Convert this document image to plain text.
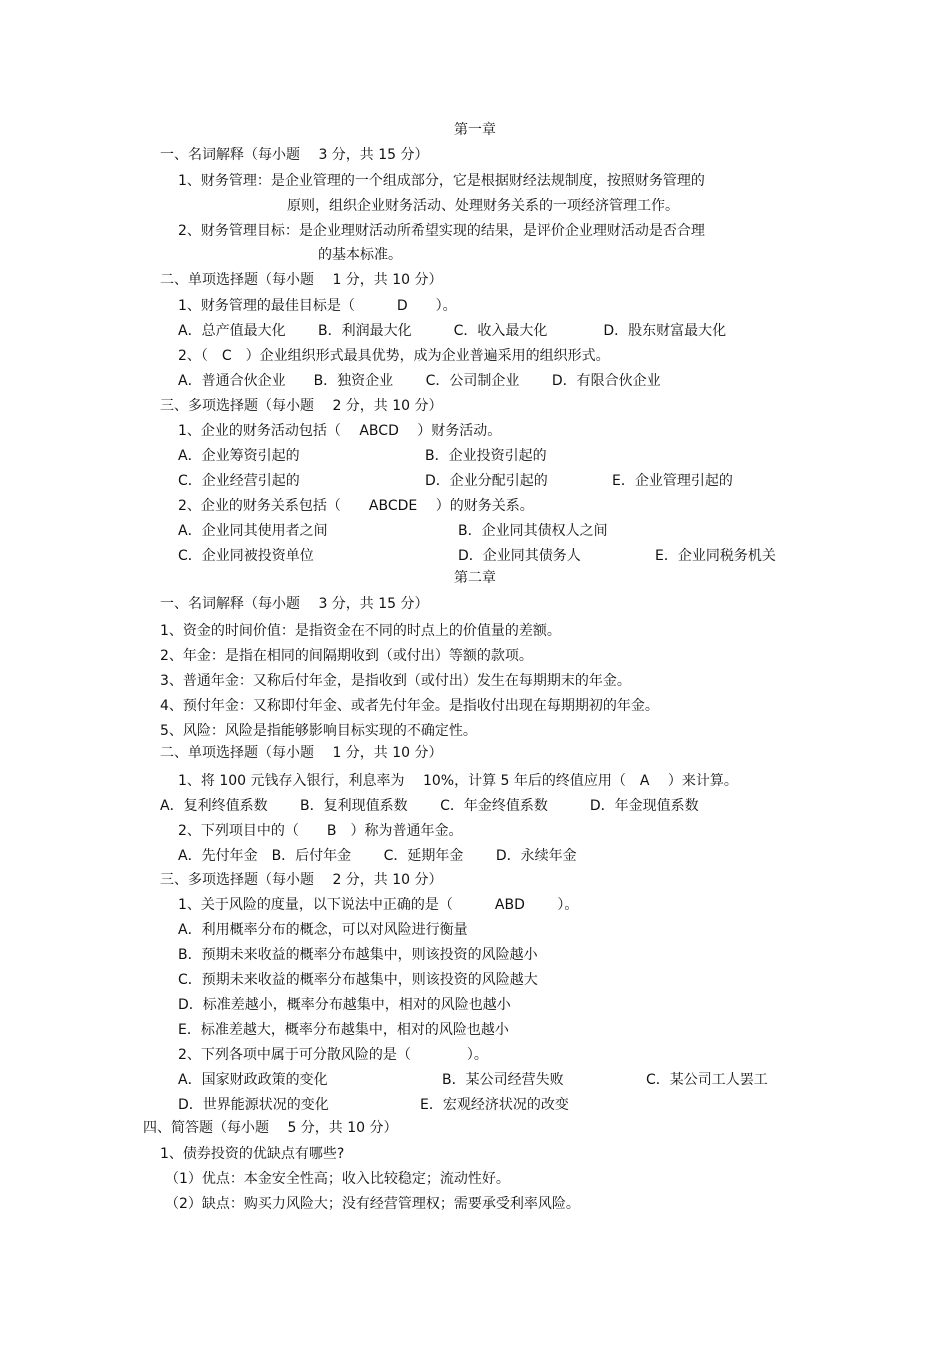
第一章
一、名词解释（每小题　 3 分，共 15 分）
1、财务管理：是企业管理的一个组成部分，它是根据财经法规制度，按照财务管理的
原则，组织企业财务活动、处理财务关系的一项经济管理工作。
2、财务管理目标：是企业理财活动所希望实现的结果，是评价企业理财活动是否合理
的基本标准。
二、单项选择题（每小题　 1 分，共 10 分）
1、财务管理的最佳目标是（　　　D　　）。
A．总产值最大化　　 B．利润最大化　　　C．收入最大化　　　　D．股东财富最大化
2、（　C　）企业组织形式最具优势，成为企业普遍采用的组织形式。
A．普通合伙企业　　B．独资企业　　 C．公司制企业　　 D．有限合伙企业
三、多项选择题（每小题　 2 分，共 10 分）
1、企业的财务活动包括（　 ABCD　 ）财务活动。
A．企业筹资引起的	B．企业投资引起的
C．企业经营引起的	D．企业分配引起的	E．企业管理引起的
2、企业的财务关系包括（　　ABCDE　 ）的财务关系。
A．企业同其使用者之间	B．企业同其债权人之间
C．企业同被投资单位	D．企业同其债务人	E．企业同税务机关
第二章
一、名词解释（每小题　 3 分，共 15 分）
1、资金的时间价值：是指资金在不同的时点上的价值量的差额。
2、年金：是指在相同的间隔期收到（或付出）等额的款项。
3、普通年金：又称后付年金，是指收到（或付出）发生在每期期末的年金。
4、预付年金：又称即付年金、或者先付年金。是指收付出现在每期期初的年金。
5、风险：风险是指能够影响目标实现的不确定性。
二、单项选择题（每小题　 1 分，共 10 分）
1、将 100 元钱存入银行，利息率为　 10%，计算 5 年后的终值应用（　A　 ）来计算。
A．复利终值系数　　 B．复利现值系数　　 C．年金终值系数　　　D．年金现值系数
2、下列项目中的（　　B　）称为普通年金。
A．先付年金　B．后付年金　　 C．延期年金　　 D．永续年金
三、多项选择题（每小题　 2 分，共 10 分）
1、关于风险的度量，以下说法中正确的是（　　　ABD　　 ）。
A．利用概率分布的概念，可以对风险进行衡量
B．预期未来收益的概率分布越集中，则该投资的风险越小
C．预期未来收益的概率分布越集中，则该投资的风险越大
D．标准差越小，概率分布越集中，相对的风险也越小
E．标准差越大，概率分布越集中，相对的风险也越小
2、下列各项中属于可分散风险的是（　　　　）。
A．国家财政政策的变化	B．某公司经营失败	C．某公司工人罢工
D．世界能源状况的变化	E．宏观经济状况的改变
四、简答题（每小题　 5 分，共 10 分）
1、债券投资的优缺点有哪些?
（1）优点：本金安全性高；收入比较稳定；流动性好。
（2）缺点：购买力风险大；没有经营管理权；需要承受利率风险。
